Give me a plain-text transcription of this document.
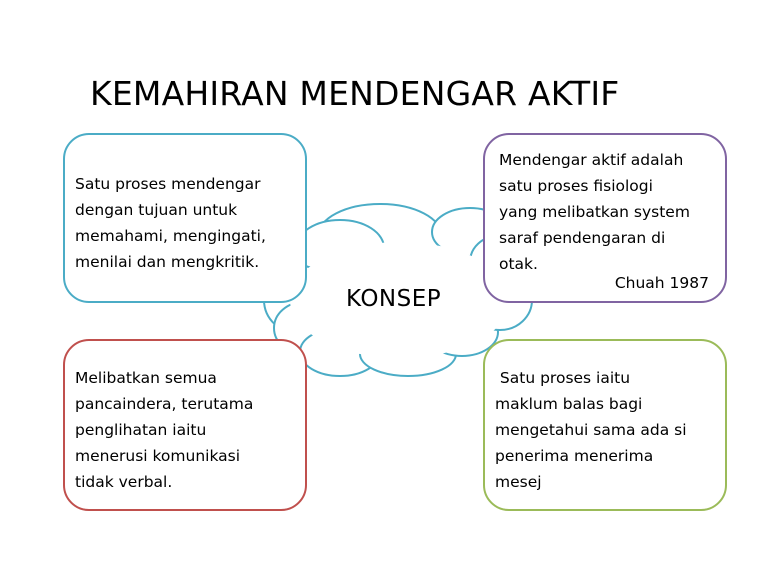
KEMAHIRAN MENDENGAR AKTIF
KONSEP
Satu proses mendengar
dengan tujuan untuk
memahami, mengingati,
menilai dan mengkritik.
Mendengar aktif adalah
satu proses fisiologi
yang melibatkan system
saraf pendengaran di
otak.
Chuah 1987
Melibatkan semua
pancaindera, terutama
penglihatan iaitu
menerusi komunikasi
tidak verbal.
Satu proses iaitu
maklum balas bagi
mengetahui sama ada si
penerima menerima
mesej
